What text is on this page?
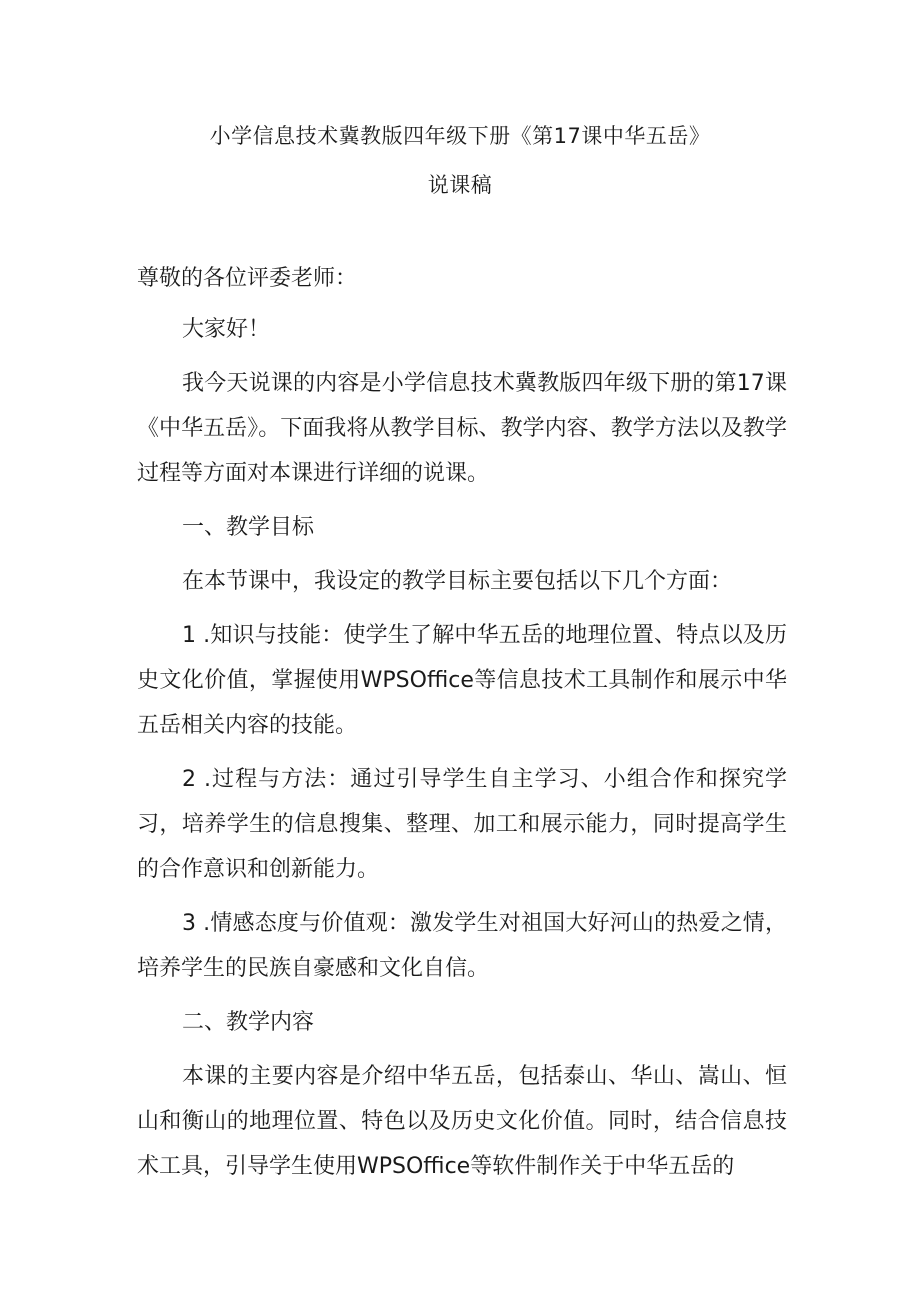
小学信息技术冀教版四年级下册《第17课中华五岳》
说课稿

尊敬的各位评委老师：

大家好！

我今天说课的内容是小学信息技术冀教版四年级下册的第17课《中华五岳》。下面我将从教学目标、教学内容、教学方法以及教学过程等方面对本课进行详细的说课。

一、教学目标

在本节课中，我设定的教学目标主要包括以下几个方面：

1 .知识与技能：使学生了解中华五岳的地理位置、特点以及历史文化价值，掌握使用WPSOffice等信息技术工具制作和展示中华五岳相关内容的技能。

2 .过程与方法：通过引导学生自主学习、小组合作和探究学习，培养学生的信息搜集、整理、加工和展示能力，同时提高学生的合作意识和创新能力。

3 .情感态度与价值观：激发学生对祖国大好河山的热爱之情，培养学生的民族自豪感和文化自信。

二、教学内容

本课的主要内容是介绍中华五岳，包括泰山、华山、嵩山、恒山和衡山的地理位置、特色以及历史文化价值。同时，结合信息技术工具，引导学生使用WPSOffice等软件制作关于中华五岳的
